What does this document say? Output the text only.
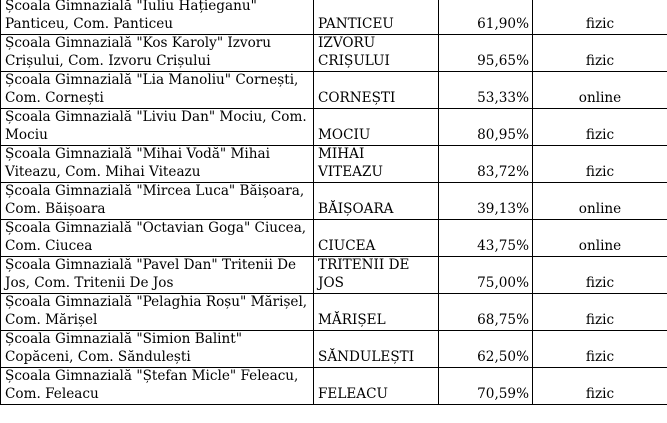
Școala Gimnazială "Iuliu Hațieganu"
Panticeu, Com. Panticeu	PANTICEU	61,90%	fizic

Școala Gimnazială "Kos Karoly" Izvoru
Crișului, Com. Izvoru Crișului	IZVORU
CRIȘULUI	95,65%	fizic

Școala Gimnazială "Lia Manoliu" Cornești,
Com. Cornești	CORNEȘTI	53,33%	online

Școala Gimnazială "Liviu Dan" Mociu, Com.
Mociu	MOCIU	80,95%	fizic

Școala Gimnazială "Mihai Vodă" Mihai
Viteazu, Com. Mihai Viteazu	MIHAI
VITEAZU	83,72%	fizic

Școala Gimnazială "Mircea Luca" Băișoara,
Com. Băișoara	BĂIȘOARA	39,13%	online

Școala Gimnazială "Octavian Goga" Ciucea,
Com. Ciucea	CIUCEA	43,75%	online

Școala Gimnazială "Pavel Dan" Tritenii De
Jos, Com. Tritenii De Jos	TRITENII DE
JOS	75,00%	fizic

Școala Gimnazială "Pelaghia Roșu" Mărișel,
Com. Mărișel	MĂRIȘEL	68,75%	fizic

Școala Gimnazială "Simion Balint"
Copăceni, Com. Săndulești	SĂNDULEȘTI	62,50%	fizic

Școala Gimnazială "Ștefan Micle" Feleacu,
Com. Feleacu	FELEACU	70,59%	fizic
